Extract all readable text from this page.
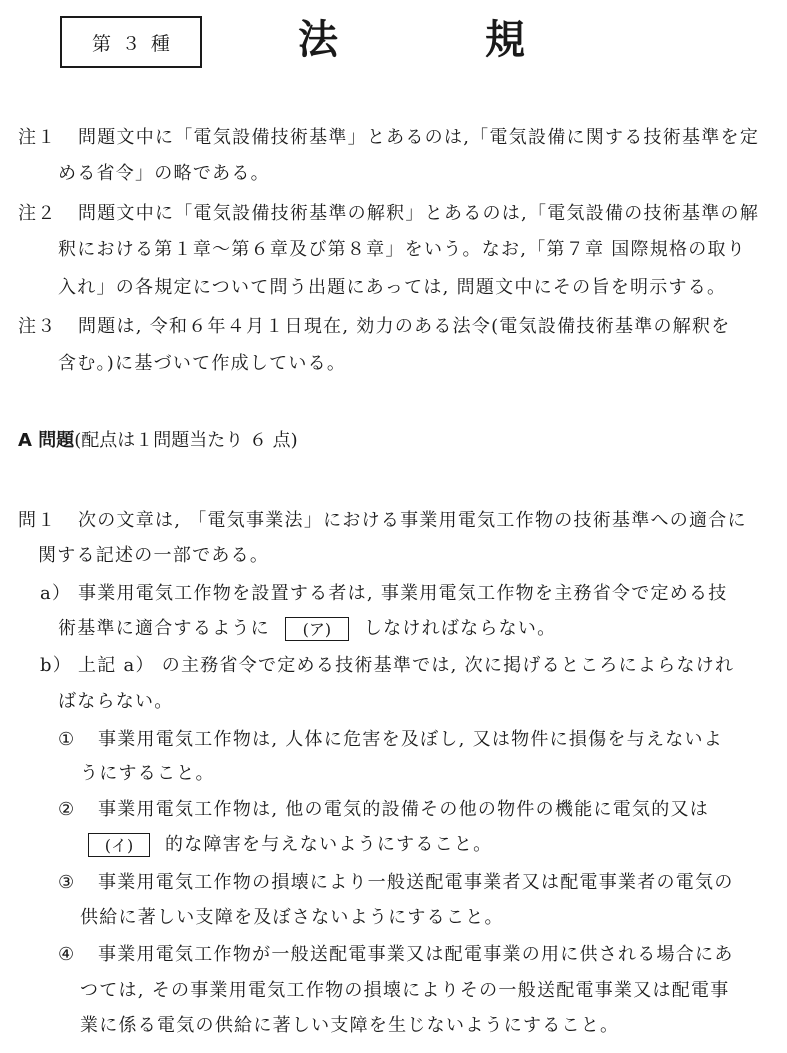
第３種	法	規
注１ 問題文中に「電気設備技術基準」とあるのは,「電気設備に関する技術基準を定
める省令」の略である。
注２ 問題文中に「電気設備技術基準の解釈」とあるのは,「電気設備の技術基準の解
釈における第１章～第６章及び第８章」をいう。なお,「第７章 国際規格の取り
入れ」の各規定について問う出題にあっては, 問題文中にその旨を明示する。
注３ 問題は, 令和６年４月１日現在, 効力のある法令(電気設備技術基準の解釈を
含む。)に基づいて作成している。
A 問題(配点は１問題当たり ６ 点)
問１ 次の文章は, 「電気事業法」における事業用電気工作物の技術基準への適合に
関する記述の一部である。
a） 事業用電気工作物を設置する者は, 事業用電気工作物を主務省令で定める技
術基準に適合するように (ア) しなければならない。
b） 上記 a） の主務省令で定める技術基準では, 次に掲げるところによらなけれ
ばならない。
① 事業用電気工作物は, 人体に危害を及ぼし, 又は物件に損傷を与えないよ
うにすること。
② 事業用電気工作物は, 他の電気的設備その他の物件の機能に電気的又は
(イ) 的な障害を与えないようにすること。
③ 事業用電気工作物の損壊により一般送配電事業者又は配電事業者の電気の
供給に著しい支障を及ぼさないようにすること。
④ 事業用電気工作物が一般送配電事業又は配電事業の用に供される場合にあ
つては, その事業用電気工作物の損壊によりその一般送配電事業又は配電事
業に係る電気の供給に著しい支障を生じないようにすること。
